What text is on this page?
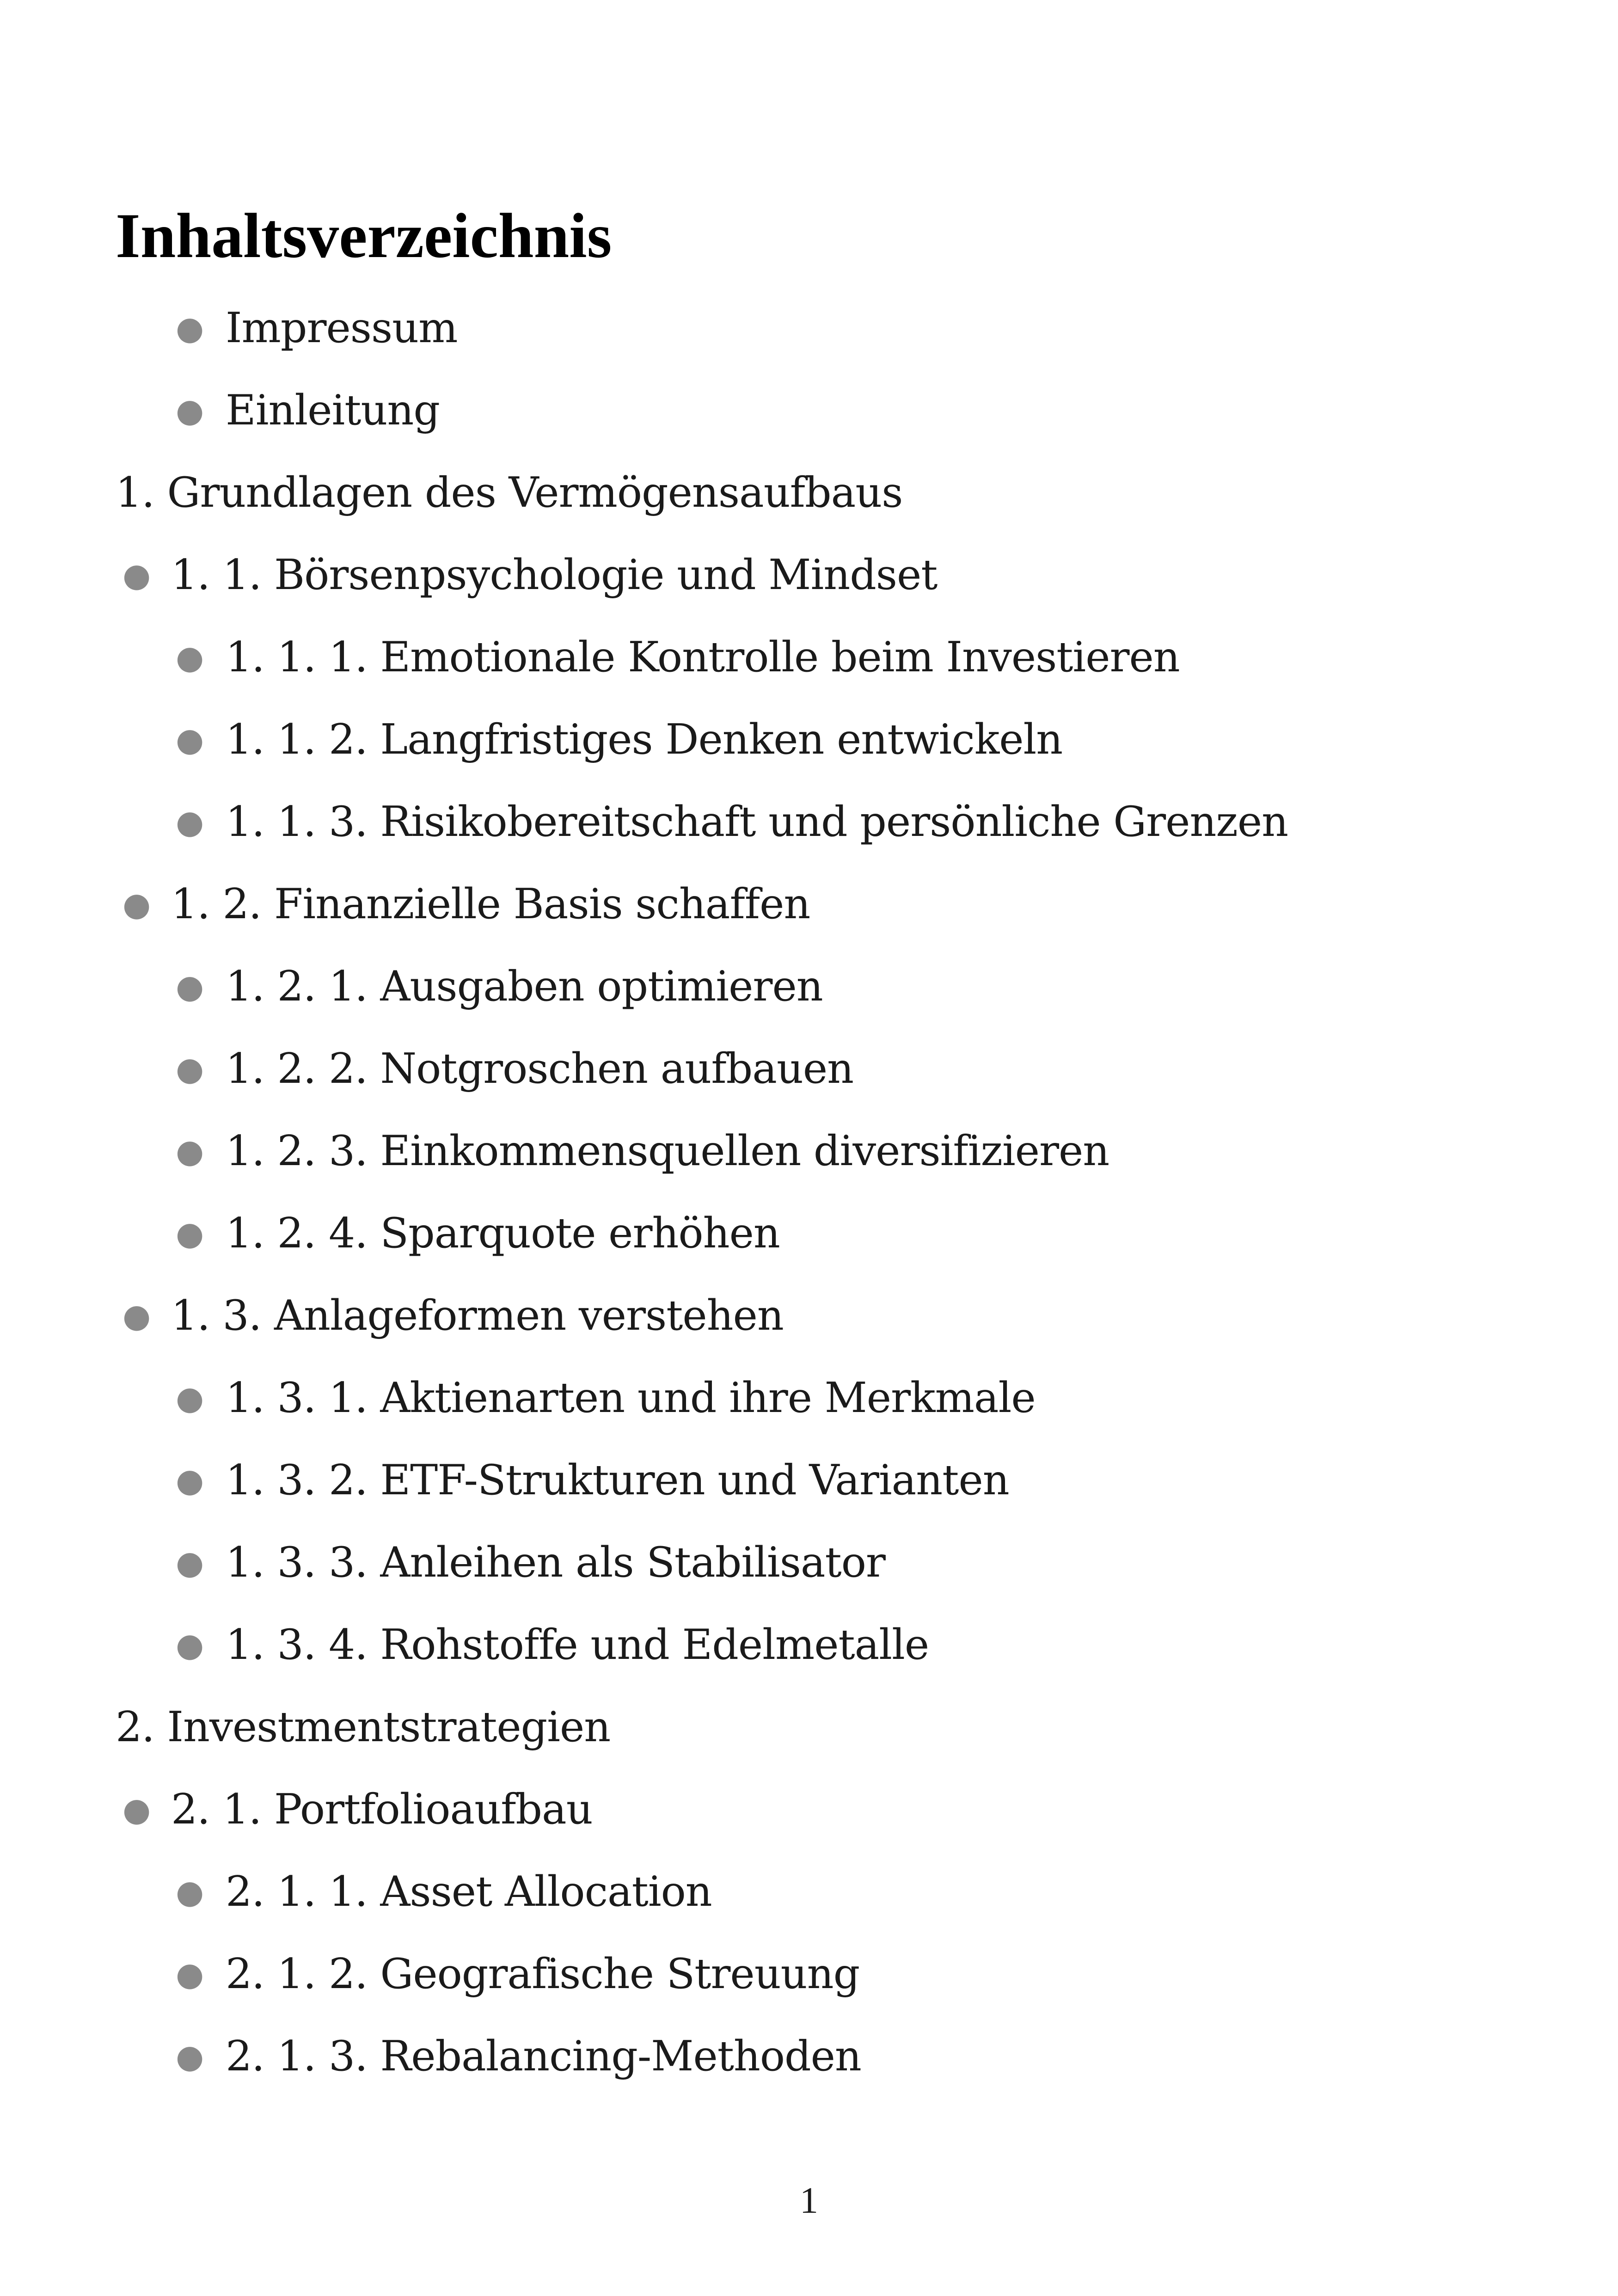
Inhaltsverzeichnis
● Impressum
● Einleitung
1. Grundlagen des Vermögensaufbaus
● 1. 1. Börsenpsychologie und Mindset
● 1. 1. 1. Emotionale Kontrolle beim Investieren
● 1. 1. 2. Langfristiges Denken entwickeln
● 1. 1. 3. Risikobereitschaft und persönliche Grenzen
● 1. 2. Finanzielle Basis schaffen
● 1. 2. 1. Ausgaben optimieren
● 1. 2. 2. Notgroschen aufbauen
● 1. 2. 3. Einkommensquellen diversifizieren
● 1. 2. 4. Sparquote erhöhen
● 1. 3. Anlageformen verstehen
● 1. 3. 1. Aktienarten und ihre Merkmale
● 1. 3. 2. ETF-Strukturen und Varianten
● 1. 3. 3. Anleihen als Stabilisator
● 1. 3. 4. Rohstoffe und Edelmetalle
2. Investmentstrategien
● 2. 1. Portfolioaufbau
● 2. 1. 1. Asset Allocation
● 2. 1. 2. Geografische Streuung
● 2. 1. 3. Rebalancing-Methoden
1
